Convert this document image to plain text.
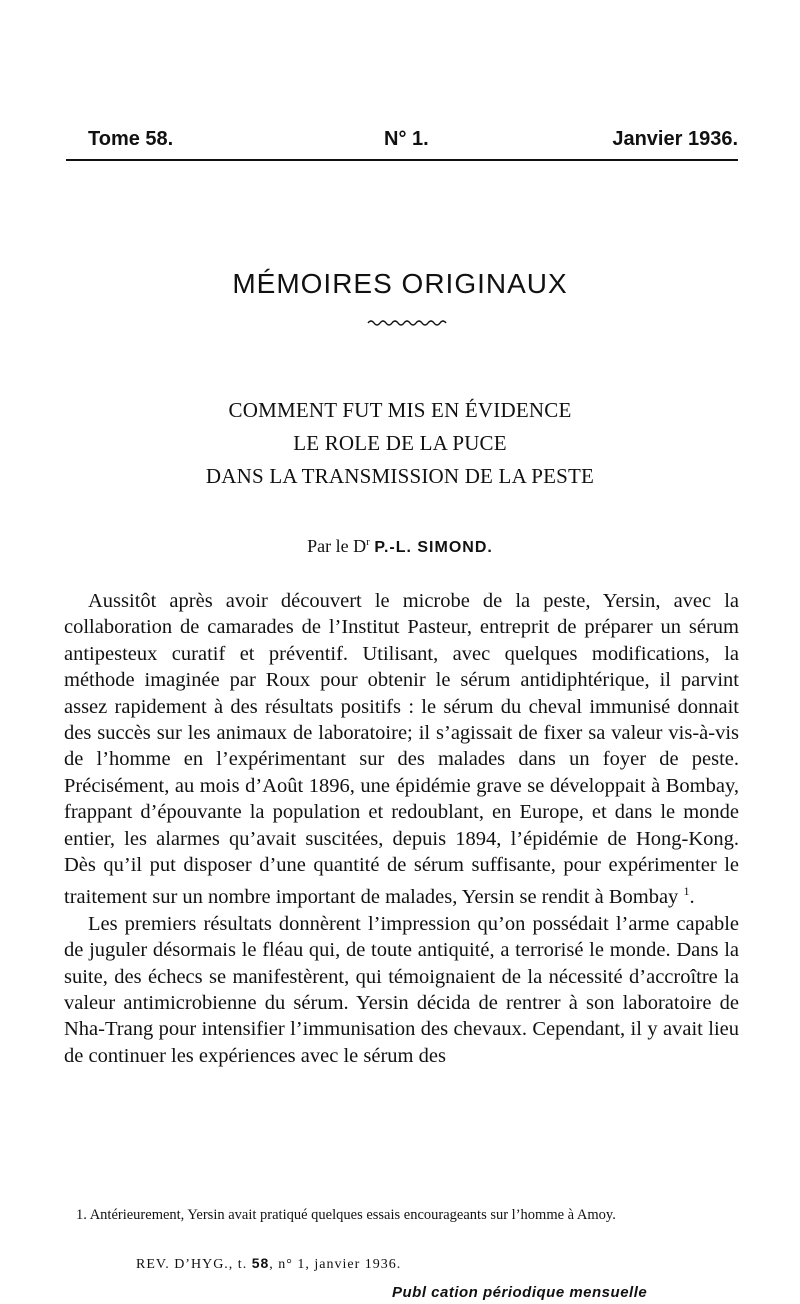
Tome 58.	N° 1.	Janvier 1936.
MÉMOIRES ORIGINAUX
COMMENT FUT MIS EN ÉVIDENCE
LE ROLE DE LA PUCE
DANS LA TRANSMISSION DE LA PESTE
Par le $D^r$ P.-L. SIMOND.

Aussitôt après avoir découvert le microbe de la peste, Yersin, avec la collaboration de camarades de l’Institut Pasteur, entreprit de préparer un sérum antipesteux curatif et préventif. Utilisant, avec quelques modifications, la méthode imaginée par Roux pour obtenir le sérum antidiphtérique, il parvint assez rapidement à des résultats positifs : le sérum du cheval immunisé donnait des succès sur les animaux de laboratoire; il s’agissait de fixer sa valeur vis-à-vis de l’homme en l’expérimentant sur des malades dans un foyer de peste. Précisément, au mois d’Août 1896, une épidémie grave se développait à Bombay, frappant d’épouvante la population et redoublant, en Europe, et dans le monde entier, les alarmes qu’avait suscitées, depuis 1894, l’épidémie de Hong-Kong. Dès qu’il put disposer d’une quantité de sérum suffisante, pour expérimenter le traitement sur un nombre important de malades, Yersin se rendit à Bombay $^1$.

Les premiers résultats donnèrent l’impression qu’on possédait l’arme capable de juguler désormais le fléau qui, de toute antiquité, a terrorisé le monde. Dans la suite, des échecs se manifestèrent, qui témoignaient de la nécessité d’accroître la valeur antimicrobienne du sérum. Yersin décida de rentrer à son laboratoire de Nha-Trang pour intensifier l’immunisation des chevaux. Cependant, il y avait lieu de continuer les expériences avec le sérum des

1. Antérieurement, Yersin avait pratiqué quelques essais encourageants sur l’homme à Amoy.
REV. D’HYG., t. 58, n° 1, janvier 1936.
Publ cation périodique mensuelle
